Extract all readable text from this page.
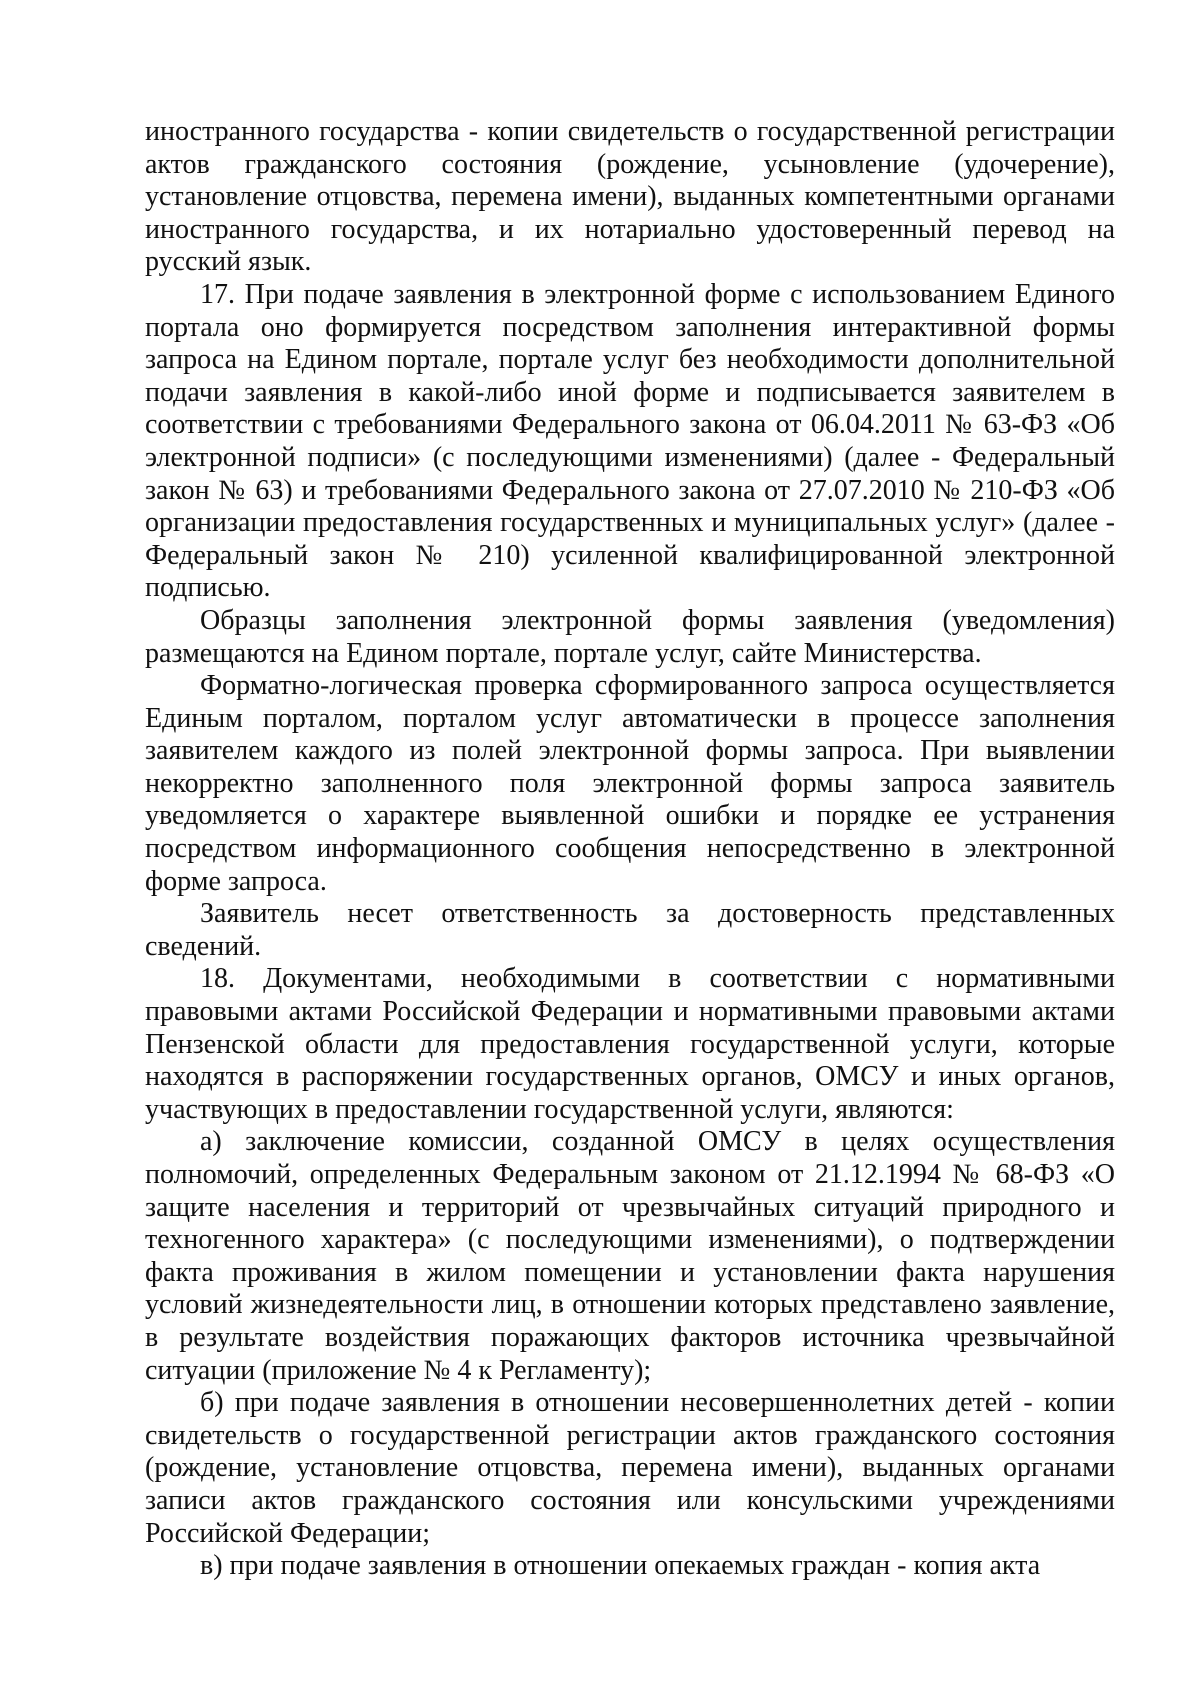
иностранного государства - копии свидетельств о государственной регистрации актов гражданского состояния (рождение, усыновление (удочерение), установление отцовства, перемена имени), выданных компетентными органами иностранного государства, и их нотариально удостоверенный перевод на русский язык.

17. При подаче заявления в электронной форме с использованием Единого портала оно формируется посредством заполнения интерактивной формы запроса на Едином портале, портале услуг без необходимости дополнительной подачи заявления в какой-либо иной форме и подписывается заявителем в соответствии с требованиями Федерального закона от 06.04.2011 № 63-ФЗ «Об электронной подписи» (с последующими изменениями) (далее - Федеральный закон № 63) и требованиями Федерального закона от 27.07.2010 № 210-ФЗ «Об организации предоставления государственных и муниципальных услуг» (далее - Федеральный закон № 210) усиленной квалифицированной электронной подписью.

Образцы заполнения электронной формы заявления (уведомления) размещаются на Едином портале, портале услуг, сайте Министерства.

Форматно-логическая проверка сформированного запроса осуществляется Единым порталом, порталом услуг автоматически в процессе заполнения заявителем каждого из полей электронной формы запроса. При выявлении некорректно заполненного поля электронной формы запроса заявитель уведомляется о характере выявленной ошибки и порядке ее устранения посредством информационного сообщения непосредственно в электронной форме запроса.

Заявитель несет ответственность за достоверность представленных сведений.

18. Документами, необходимыми в соответствии с нормативными правовыми актами Российской Федерации и нормативными правовыми актами Пензенской области для предоставления государственной услуги, которые находятся в распоряжении государственных органов, ОМСУ и иных органов, участвующих в предоставлении государственной услуги, являются:

а) заключение комиссии, созданной ОМСУ в целях осуществления полномочий, определенных Федеральным законом от 21.12.1994 № 68-ФЗ «О защите населения и территорий от чрезвычайных ситуаций природного и техногенного характера» (с последующими изменениями), о подтверждении факта проживания в жилом помещении и установлении факта нарушения условий жизнедеятельности лиц, в отношении которых представлено заявление, в результате воздействия поражающих факторов источника чрезвычайной ситуации (приложение № 4 к Регламенту);

б) при подаче заявления в отношении несовершеннолетних детей - копии свидетельств о государственной регистрации актов гражданского состояния (рождение, установление отцовства, перемена имени), выданных органами записи актов гражданского состояния или консульскими учреждениями Российской Федерации;

в) при подаче заявления в отношении опекаемых граждан - копия акта
